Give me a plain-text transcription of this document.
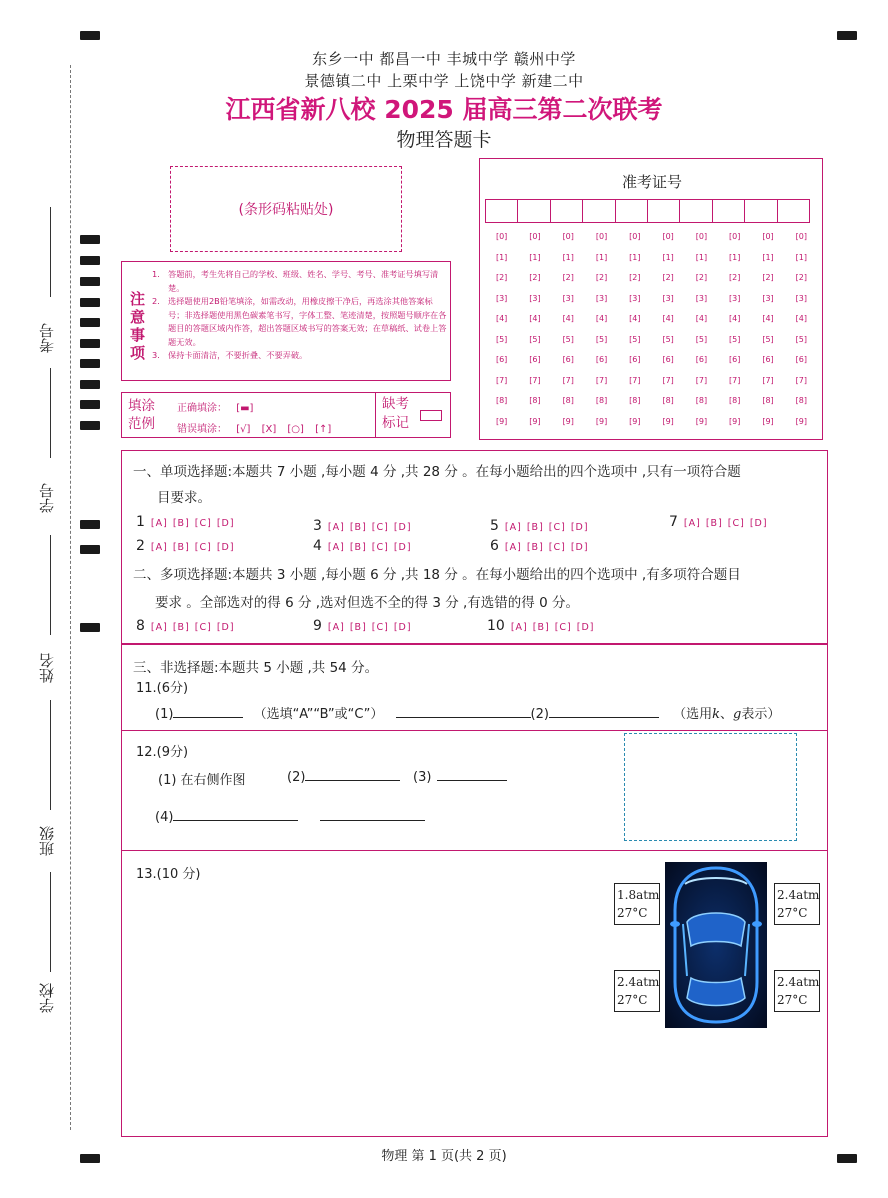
考号
学号
姓名
班级
学校
东乡一中 都昌一中 丰城中学 赣州中学
景德镇二中 上栗中学 上饶中学 新建二中
江西省新八校 2025 届高三第二次联考
物理答题卡
(条形码粘贴处)
注
意
事
项
1. 答题前，考生先将自己的学校、班级、姓名、学号、考号、准考证号填写清楚。
2. 选择题使用2B铅笔填涂，如需改动，用橡皮擦干净后，再选涂其他答案标号；非选择题使用黑色碳素笔书写，字体工整、笔迹清楚，按照题号顺序在各题目的答题区域内作答，超出答题区域书写的答案无效；在草稿纸、试卷上答题无效。
3. 保持卡面清洁，不要折叠、不要弄破。
填涂
范例
正确填涂： [▬]
错误填涂： [√] [X] [○] [↑]
缺考
标记
准考证号
[0]	[0]	[0]	[0]	[0]	[0]	[0]	[0]	[0]	[0]
[1]	[1]	[1]	[1]	[1]	[1]	[1]	[1]	[1]	[1]
[2]	[2]	[2]	[2]	[2]	[2]	[2]	[2]	[2]	[2]
[3]	[3]	[3]	[3]	[3]	[3]	[3]	[3]	[3]	[3]
[4]	[4]	[4]	[4]	[4]	[4]	[4]	[4]	[4]	[4]
[5]	[5]	[5]	[5]	[5]	[5]	[5]	[5]	[5]	[5]
[6]	[6]	[6]	[6]	[6]	[6]	[6]	[6]	[6]	[6]
[7]	[7]	[7]	[7]	[7]	[7]	[7]	[7]	[7]	[7]
[8]	[8]	[8]	[8]	[8]	[8]	[8]	[8]	[8]	[8]
[9]	[9]	[9]	[9]	[9]	[9]	[9]	[9]	[9]	[9]
一、单项选择题:本题共 7 小题 ,每小题 4 分 ,共 28 分 。在每小题给出的四个选项中 ,只有一项符合题
目要求。
1 [A] [B] [C] [D]
2 [A] [B] [C] [D]
3 [A] [B] [C] [D]
4 [A] [B] [C] [D]
5 [A] [B] [C] [D]
6 [A] [B] [C] [D]
7 [A] [B] [C] [D]
二、多项选择题:本题共 3 小题 ,每小题 6 分 ,共 18 分 。在每小题给出的四个选项中 ,有多项符合题目
要求 。全部选对的得 6 分 ,选对但选不全的得 3 分 ,有选错的得 0 分。
8 [A] [B] [C] [D]	9 [A] [B] [C] [D]	10 [A] [B] [C] [D]
三、非选择题:本题共 5 小题 ,共 54 分。
11.(6分)
(1)	（选填“A”“B”或“C”）	(2)	（选用k、g表示）
12.(9分)
(1) 在右侧作图	(2)	(3)
(4)
13.(10 分)
1.8atm
27°C
2.4atm
27°C
2.4atm
27°C
2.4atm
27°C
物理 第 1 页(共 2 页)
